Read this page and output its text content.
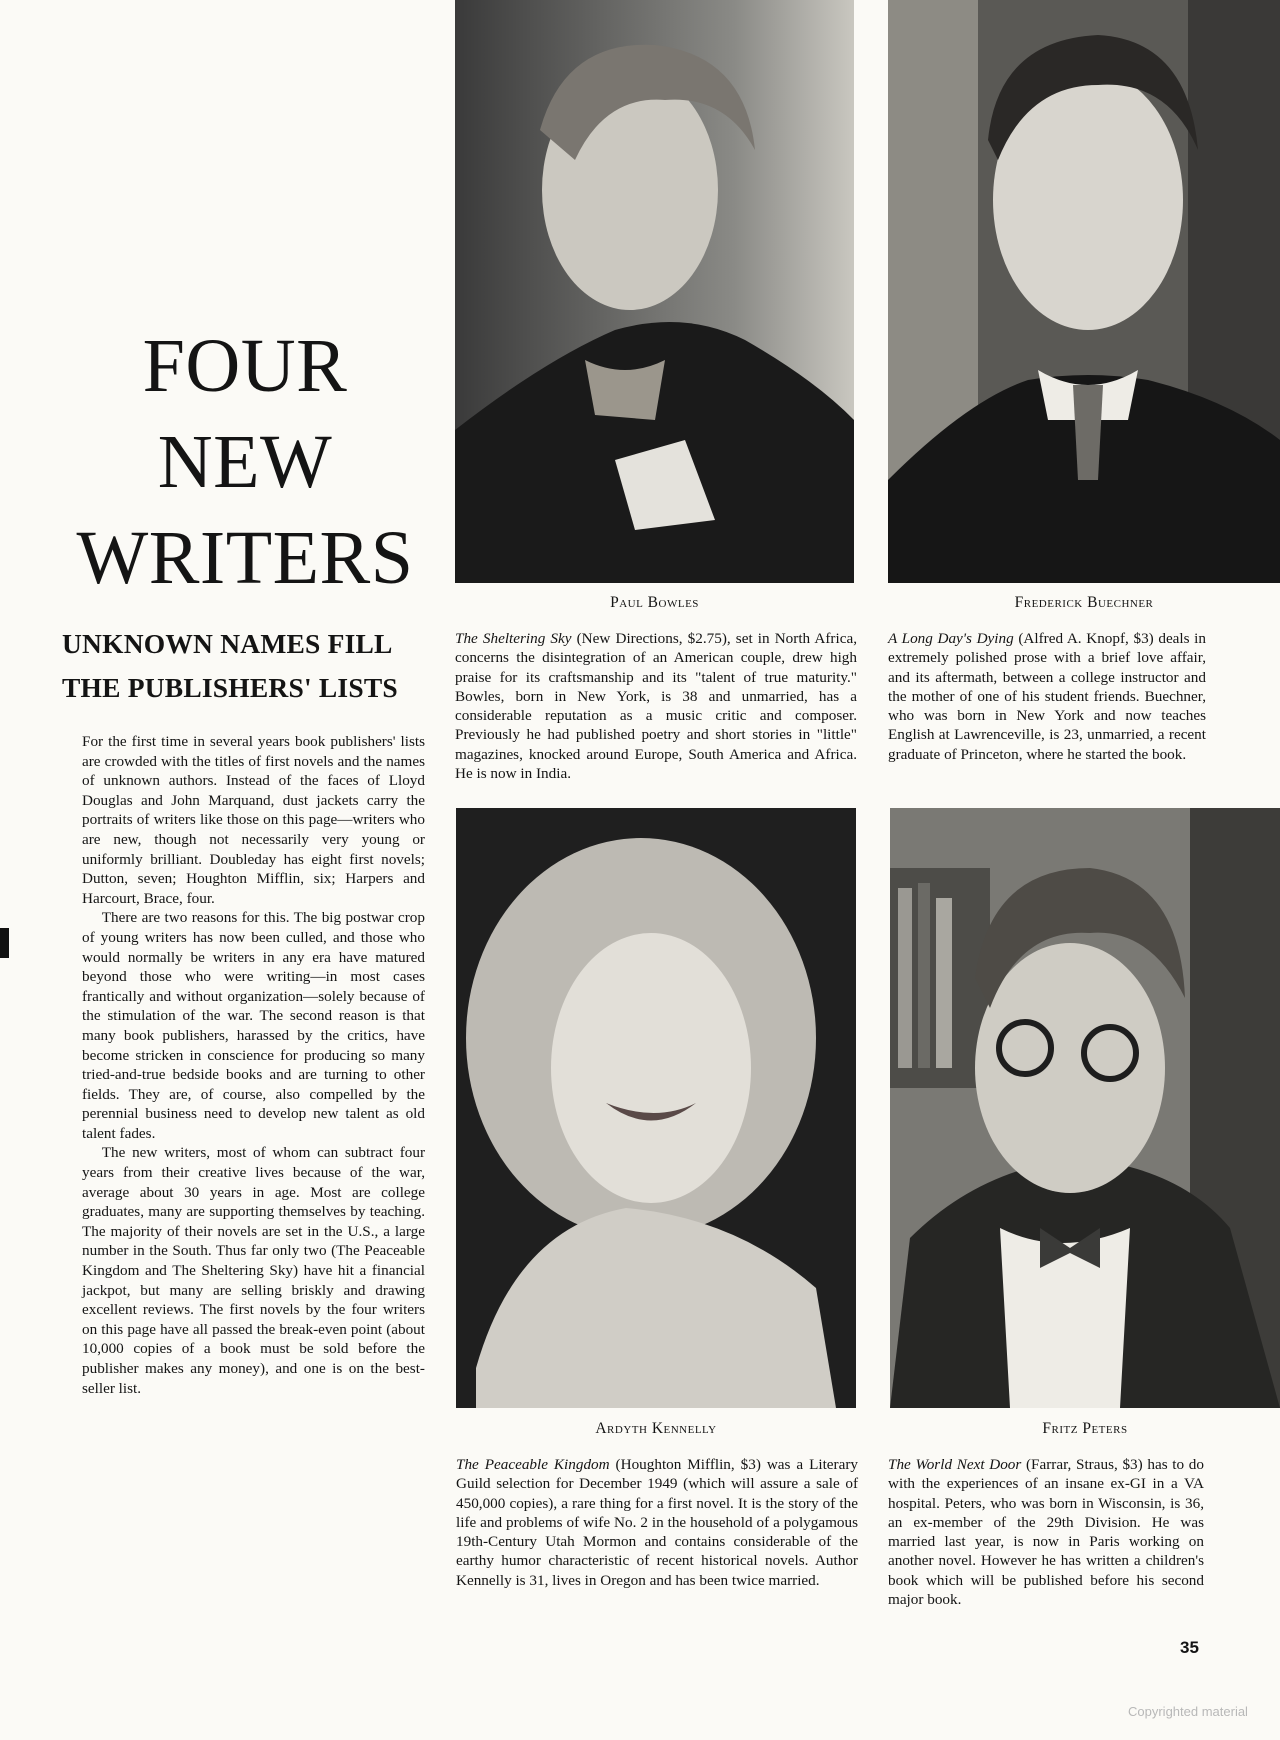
FOUR
NEW
WRITERS
UNKNOWN NAMES FILL
THE PUBLISHERS' LISTS

For the first time in several years book publishers' lists are crowded with the titles of first novels and the names of unknown authors. Instead of the faces of Lloyd Douglas and John Marquand, dust jackets carry the portraits of writers like those on this page—writers who are new, though not necessarily very young or uniformly brilliant. Doubleday has eight first novels; Dutton, seven; Houghton Mifflin, six; Harpers and Harcourt, Brace, four.

There are two reasons for this. The big postwar crop of young writers has now been culled, and those who would normally be writers in any era have matured beyond those who were writing—in most cases frantically and without organization—solely because of the stimulation of the war. The second reason is that many book publishers, harassed by the critics, have become stricken in conscience for producing so many tried-and-true bedside books and are turning to other fields. They are, of course, also compelled by the perennial business need to develop new talent as old talent fades.

The new writers, most of whom can subtract four years from their creative lives because of the war, average about 30 years in age. Most are college graduates, many are supporting themselves by teaching. The majority of their novels are set in the U.S., a large number in the South. Thus far only two (The Peaceable Kingdom and The Sheltering Sky) have hit a financial jackpot, but many are selling briskly and drawing excellent reviews. The first novels by the four writers on this page have all passed the break-even point (about 10,000 copies of a book must be sold before the publisher makes any money), and one is on the best-seller list.

Paul Bowles	Frederick Buechner
Ardyth Kennelly	Fritz Peters
The Sheltering Sky (New Directions, $2.75), set in North Africa, concerns the disintegration of an American couple, drew high praise for its craftsmanship and its "talent of true maturity." Bowles, born in New York, is 38 and unmarried, has a considerable reputation as a music critic and composer. Previously he had published poetry and short stories in "little" magazines, knocked around Europe, South America and Africa. He is now in India.
A Long Day's Dying (Alfred A. Knopf, $3) deals in extremely polished prose with a brief love affair, and its aftermath, between a college instructor and the mother of one of his student friends. Buechner, who was born in New York and now teaches English at Lawrenceville, is 23, unmarried, a recent graduate of Princeton, where he started the book.
The Peaceable Kingdom (Houghton Mifflin, $3) was a Literary Guild selection for December 1949 (which will assure a sale of 450,000 copies), a rare thing for a first novel. It is the story of the life and problems of wife No. 2 in the household of a polygamous 19th-Century Utah Mormon and contains considerable of the earthy humor characteristic of recent historical novels. Author Kennelly is 31, lives in Oregon and has been twice married.
The World Next Door (Farrar, Straus, $3) has to do with the experiences of an insane ex-GI in a VA hospital. Peters, who was born in Wisconsin, is 36, an ex-member of the 29th Division. He was married last year, is now in Paris working on another novel. However he has written a children's book which will be published before his second major book.
35
Copyrighted material
